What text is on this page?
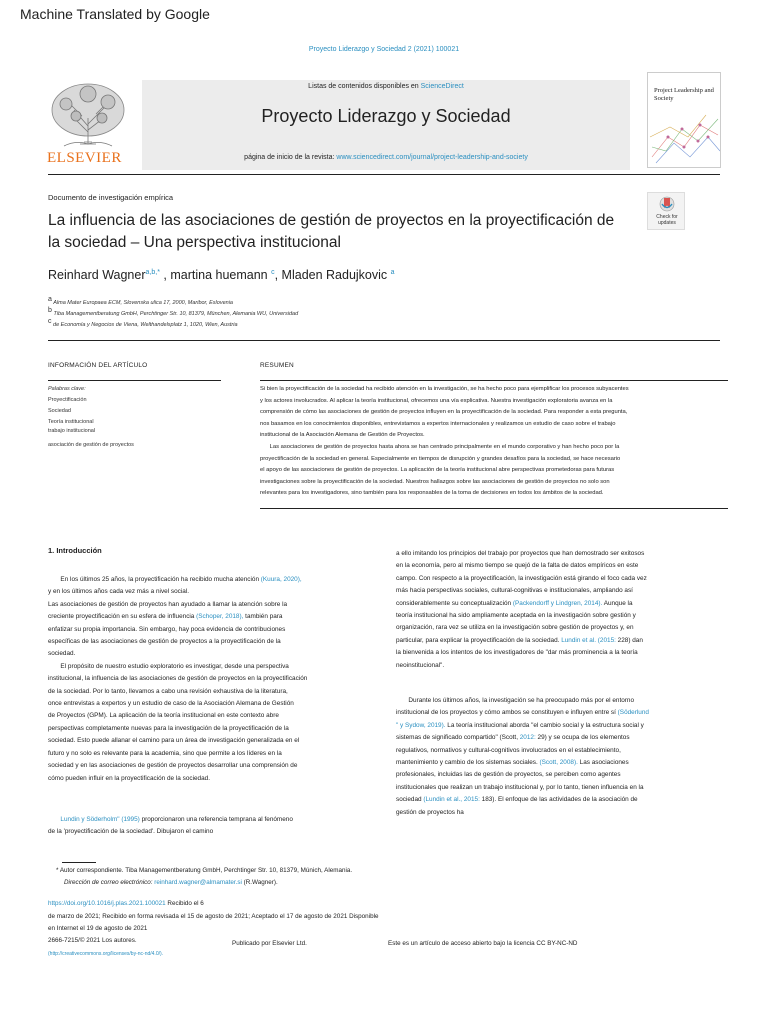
Machine Translated by Google
Proyecto Liderazgo y Sociedad 2 (2021) 100021
ELSEVIER
Listas de contenidos disponibles en ScienceDirect
Proyecto Liderazgo y Sociedad
página de inicio de la revista: www.sciencedirect.com/journal/project-leadership-and-society
Project Leadership and Society
Documento de investigación empírica
Check for updates
La influencia de las asociaciones de gestión de proyectos en la proyectificación de la sociedad – Una perspectiva institucional
Reinhard Wagner$^{a,b,*}$ , martina huemann $^c$, Mladen Radujkovic $^a$
a Alma Mater Europaea ECM, Slovenska ulica 17, 2000, Maribor, Eslovenia
b Tiba Managementberatung GmbH, Perchtinger Str. 10, 81379, München, Alemania WU, Universidad
c de Economía y Negocios de Viena, Welthandelsplatz 1, 1020, Wien, Austria
INFORMACIÓN DEL ARTÍCULO
Palabras clave:
Proyectificación
Sociedad
Teoría institucional
trabajo institucional
asociación de gestión de proyectos
RESUMEN
Si bien la proyectificación de la sociedad ha recibido atención en la investigación, se ha hecho poco para ejemplificar los procesos subyacentes
y los actores involucrados. Al aplicar la teoría institucional, ofrecemos una vía explicativa. Nuestra investigación exploratoria avanza en la
comprensión de cómo las asociaciones de gestión de proyectos influyen en la proyectificación de la sociedad. Para responder a esta pregunta,
nos basamos en los conocimientos disponibles, entrevistamos a expertos internacionales y realizamos un estudio de caso sobre el trabajo
institucional de la Asociación Alemana de Gestión de Proyectos.
Las asociaciones de gestión de proyectos hasta ahora se han centrado principalmente en el mundo corporativo y han hecho poco por la
proyectificación de la sociedad en general. Especialmente en tiempos de disrupción y grandes desafíos para la sociedad, se hace necesario
el apoyo de las asociaciones de gestión de proyectos. La aplicación de la teoría institucional abre perspectivas prometedoras para futuras
investigaciones sobre la proyectificación de la sociedad. Nuestros hallazgos sobre las asociaciones de gestión de proyectos no solo son
relevantes para los investigadores, sino también para los responsables de la toma de decisiones en todos los ámbitos de la sociedad.
1. Introducción
En los últimos 25 años, la proyectificación ha recibido mucha atención (Kuura, 2020),
y en los últimos años cada vez más a nivel social.
Las asociaciones de gestión de proyectos han ayudado a llamar la atención sobre la
creciente proyectificación en su esfera de influencia (Schoper, 2018), también para
enfatizar su propia importancia. Sin embargo, hay poca evidencia de contribuciones
específicas de las asociaciones de gestión de proyectos a la proyectificación de la
sociedad.
El propósito de nuestro estudio exploratorio es investigar, desde una perspectiva
institucional, la influencia de las asociaciones de gestión de proyectos en la proyectificación
de la sociedad. Por lo tanto, llevamos a cabo una revisión exhaustiva de la literatura,
once entrevistas a expertos y un estudio de caso de la Asociación Alemana de Gestión
de Proyectos (GPM). La aplicación de la teoría institucional en este contexto abre
perspectivas completamente nuevas para la investigación de la proyectificación de la
sociedad. Esto puede allanar el camino para un área de investigación generalizada en el
futuro y no solo es relevante para la academia, sino que permite a los líderes en la
sociedad y en las asociaciones de gestión de proyectos desarrollar una comprensión de
cómo pueden influir en la proyectificación de la sociedad.
Lundin y Söderholm" (1995) proporcionaron una referencia temprana al fenómeno
de la 'proyectificación de la sociedad'. Dibujaron el camino
a ello imitando los principios del trabajo por proyectos que han demostrado ser exitosos
en la economía, pero al mismo tiempo se quejó de la falta de datos empíricos en este
campo. Con respecto a la proyectificación, la investigación está girando el foco cada vez
más hacia perspectivas sociales, cultural-cognitivas e institucionales, ampliando así
considerablemente su conceptualización (Packendorff y Lindgren, 2014). Aunque la
teoría institucional ha sido ampliamente aceptada en la investigación sobre gestión y
organización, rara vez se utiliza en la investigación sobre gestión de proyectos y, en
particular, para explicar la proyectificación de la sociedad. Lundin et al. (2015: 228) dan
la bienvenida a los intentos de los investigadores de "dar más prominencia a la teoría
neoinstitucional".
Durante los últimos años, la investigación se ha preocupado más por el entorno
institucional de los proyectos y cómo ambos se constituyen e influyen entre sí (Söderlund
" y Sydow, 2019). La teoría institucional aborda "el cambio social y la estructura social y
sistemas de significado compartido" (Scott, 2012: 29) y se ocupa de los elementos
regulativos, normativos y cultural-cognitivos involucrados en el establecimiento,
mantenimiento y cambio de los sistemas sociales. (Scott, 2008). Las asociaciones
profesionales, incluidas las de gestión de proyectos, se perciben como agentes
institucionales que realizan un trabajo institucional y, por lo tanto, tienen influencia en la
sociedad (Lundin et al., 2015: 183). El enfoque de las actividades de la asociación de
gestión de proyectos ha
* Autor correspondiente. Tiba Managementberatung GmbH, Perchtinger Str. 10, 81379, Múnich, Alemania.
Dirección de correo electrónico: reinhard.wagner@almamater.si (R.Wagner).
https://doi.org/10.1016/j.plas.2021.100021 Recibido el 6
de marzo de 2021; Recibido en forma revisada el 15 de agosto de 2021; Aceptado el 17 de agosto de 2021 Disponible
en Internet el 19 de agosto de 2021
2666-7215/© 2021 Los autores.	Publicado por Elsevier Ltd.	Este es un artículo de acceso abierto bajo la licencia CC BY-NC-ND
(http://creativecommons.org/licenses/by-nc-nd/4.0/).
